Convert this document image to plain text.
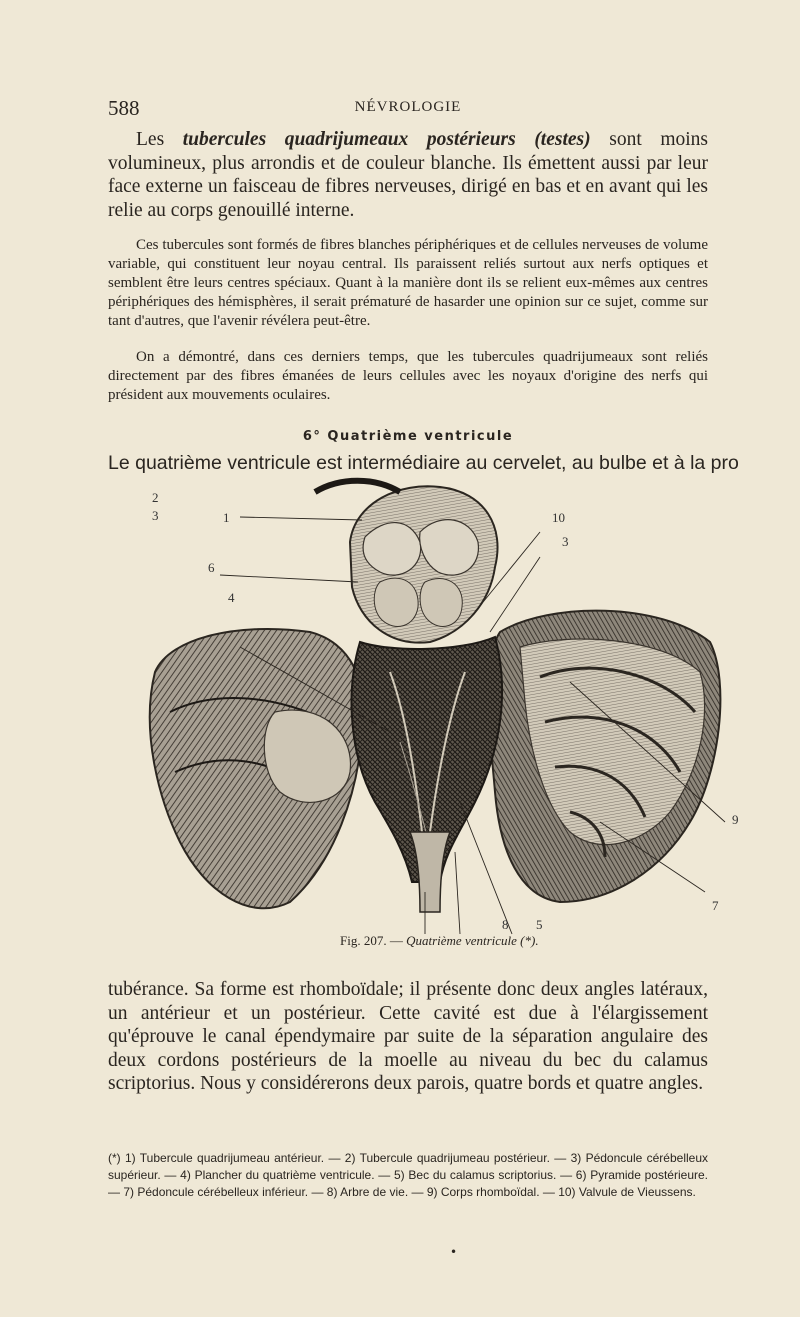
588	NÉVROLOGIE
Les tubercules quadrijumeaux postérieurs (testes) sont moins volumineux, plus arrondis et de couleur blanche. Ils émettent aussi par leur face externe un faisceau de fibres nerveuses, dirigé en bas et en avant qui les relie au corps genouillé interne.
Ces tubercules sont formés de fibres blanches périphériques et de cellules nerveuses de volume variable, qui constituent leur noyau central. Ils paraissent reliés surtout aux nerfs optiques et semblent être leurs centres spéciaux. Quant à la manière dont ils se relient eux-mêmes aux centres périphériques des hémisphères, il serait prématuré de hasarder une opinion sur ce sujet, comme sur tant d'autres, que l'avenir révélera peut-être.
On a démontré, dans ces derniers temps, que les tubercules quadrijumeaux sont reliés directement par des fibres émanées de leurs cellules avec les noyaux d'origine des nerfs qui président aux mouvements oculaires.
6° Quatrième ventricule
Le quatrième ventricule est intermédiaire au cervelet, au bulbe et à la pro
2
3	1
6
4
10
3
9
7
8 5
Fig. 207. — Quatrième ventricule (*).
tubérance. Sa forme est rhomboïdale; il présente donc deux angles latéraux, un antérieur et un postérieur. Cette cavité est due à l'élargissement qu'éprouve le canal épendymaire par suite de la séparation angulaire des deux cordons postérieurs de la moelle au niveau du bec du calamus scriptorius. Nous y considérerons deux parois, quatre bords et quatre angles.
(*) 1) Tubercule quadrijumeau antérieur. — 2) Tubercule quadrijumeau postérieur. — 3) Pédoncule cérébelleux supérieur. — 4) Plancher du quatrième ventricule. — 5) Bec du calamus scriptorius. — 6) Pyramide postérieure. — 7) Pédoncule cérébelleux inférieur. — 8) Arbre de vie. — 9) Corps rhomboïdal. — 10) Valvule de Vieussens.
•
